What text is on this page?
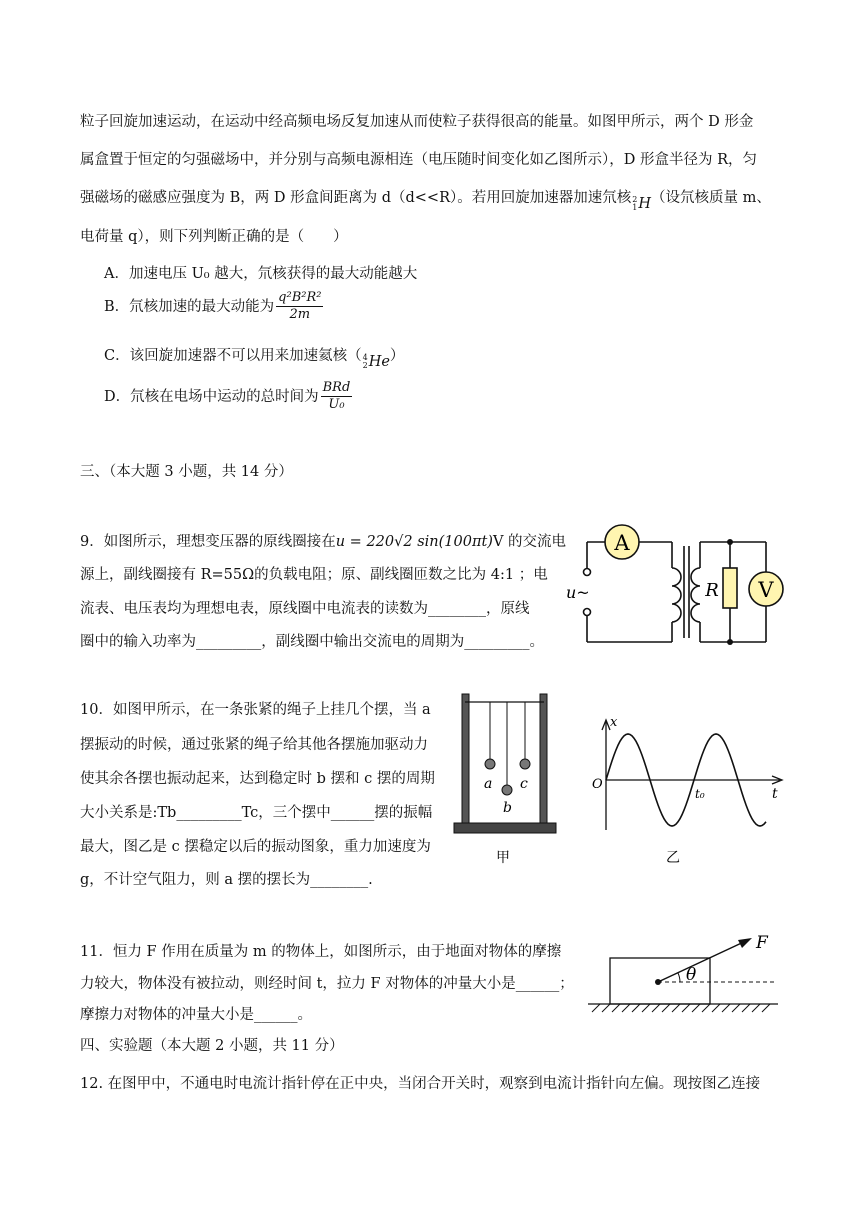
粒子回旋加速运动，在运动中经高频电场反复加速从而使粒子获得很高的能量。如图甲所示，两个 D 形金
属盒置于恒定的匀强磁场中，并分别与高频电源相连（电压随时间变化如乙图所示），D 形盒半径为 R，匀
强磁场的磁感应强度为 B，两 D 形盒间距离为 d（d<<R）。若用回旋加速器加速氘核 2
1 H （设氘核质量 m、
电荷量 q），则下列判断正确的是（　　）
A．加速电压 U₀ 越大，氘核获得的最大动能越大
B．氘核加速的最大动能为 $\frac{\text{q²B²R²}}{2m}$
C．该回旋加速器不可以用来加速氦核（ 4
2 He ）
D．氘核在电场中运动的总时间为 $\frac{\text{BRd}}{\text{U₀}}$
三、（本大题 3 小题，共 14 分）
9．如图所示，理想变压器的原线圈接在u = 220√2 sin(100πt)V 的交流电
源上，副线圈接有 R=55Ω的负载电阻；原、副线圈匝数之比为 4:1 ；电
流表、电压表均为理想电表，原线圈中电流表的读数为________，原线
圈中的输入功率为_________，副线圈中输出交流电的周期为_________。
A
V
R
u~
10．如图甲所示，在一条张紧的绳子上挂几个摆，当 a
摆振动的时候，通过张紧的绳子给其他各摆施加驱动力
使其余各摆也振动起来，达到稳定时 b 摆和 c 摆的周期
大小关系是:Tb_________Tc，三个摆中______摆的振幅
最大，图乙是 c 摆稳定以后的振动图象，重力加速度为
g，不计空气阻力，则 a 摆的摆长为________.
a
b
c
甲
x
t
O
t₀
乙
11．恒力 F 作用在质量为 m 的物体上，如图所示，由于地面对物体的摩擦
力较大，物体没有被拉动，则经时间 t，拉力 F 对物体的冲量大小是______；
摩擦力对物体的冲量大小是______。
F
θ
四、实验题（本大题 2 小题，共 11 分）
12. 在图甲中，不通电时电流计指针停在正中央，当闭合开关时，观察到电流计指针向左偏。现按图乙连接
